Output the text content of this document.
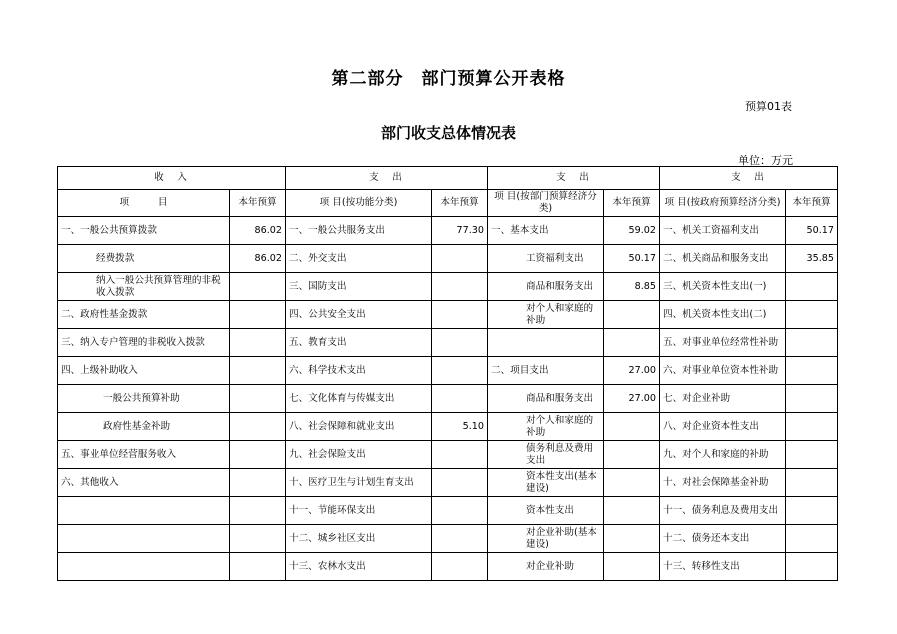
第二部分　部门预算公开表格
预算01表
部门收支总体情况表
单位：万元
收　入		支　出		支　出		支　出	
项　　　目	本年预算	项 目(按功能分类)	本年预算	项 目(按部门预算经济分类)	本年预算	项 目(按政府预算经济分类)	本年预算
一、一般公共预算拨款	86.02	一、一般公共服务支出	77.30	一、基本支出	59.02	一、机关工资福利支出	50.17
经费拨款	86.02	二、外交支出		工资福利支出	50.17	二、机关商品和服务支出	35.85
纳入一般公共预算管理的非税收入拨款		三、国防支出		商品和服务支出	8.85	三、机关资本性支出(一)	
二、政府性基金拨款		四、公共安全支出		对个人和家庭的补助		四、机关资本性支出(二)	
三、纳入专户管理的非税收入拨款		五、教育支出				五、对事业单位经常性补助	
四、上级补助收入		六、科学技术支出		二、项目支出	27.00	六、对事业单位资本性补助	
一般公共预算补助		七、文化体育与传媒支出		商品和服务支出	27.00	七、对企业补助	
政府性基金补助		八、社会保障和就业支出	5.10	对个人和家庭的补助		八、对企业资本性支出	
五、事业单位经营服务收入		九、社会保险支出		债务利息及费用支出		九、对个人和家庭的补助	
六、其他收入		十、医疗卫生与计划生育支出		资本性支出(基本建设)		十、对社会保障基金补助	
		十一、节能环保支出		资本性支出		十一、债务利息及费用支出	
		十二、城乡社区支出		对企业补助(基本建设)		十二、债务还本支出	
		十三、农林水支出		对企业补助		十三、转移性支出	
